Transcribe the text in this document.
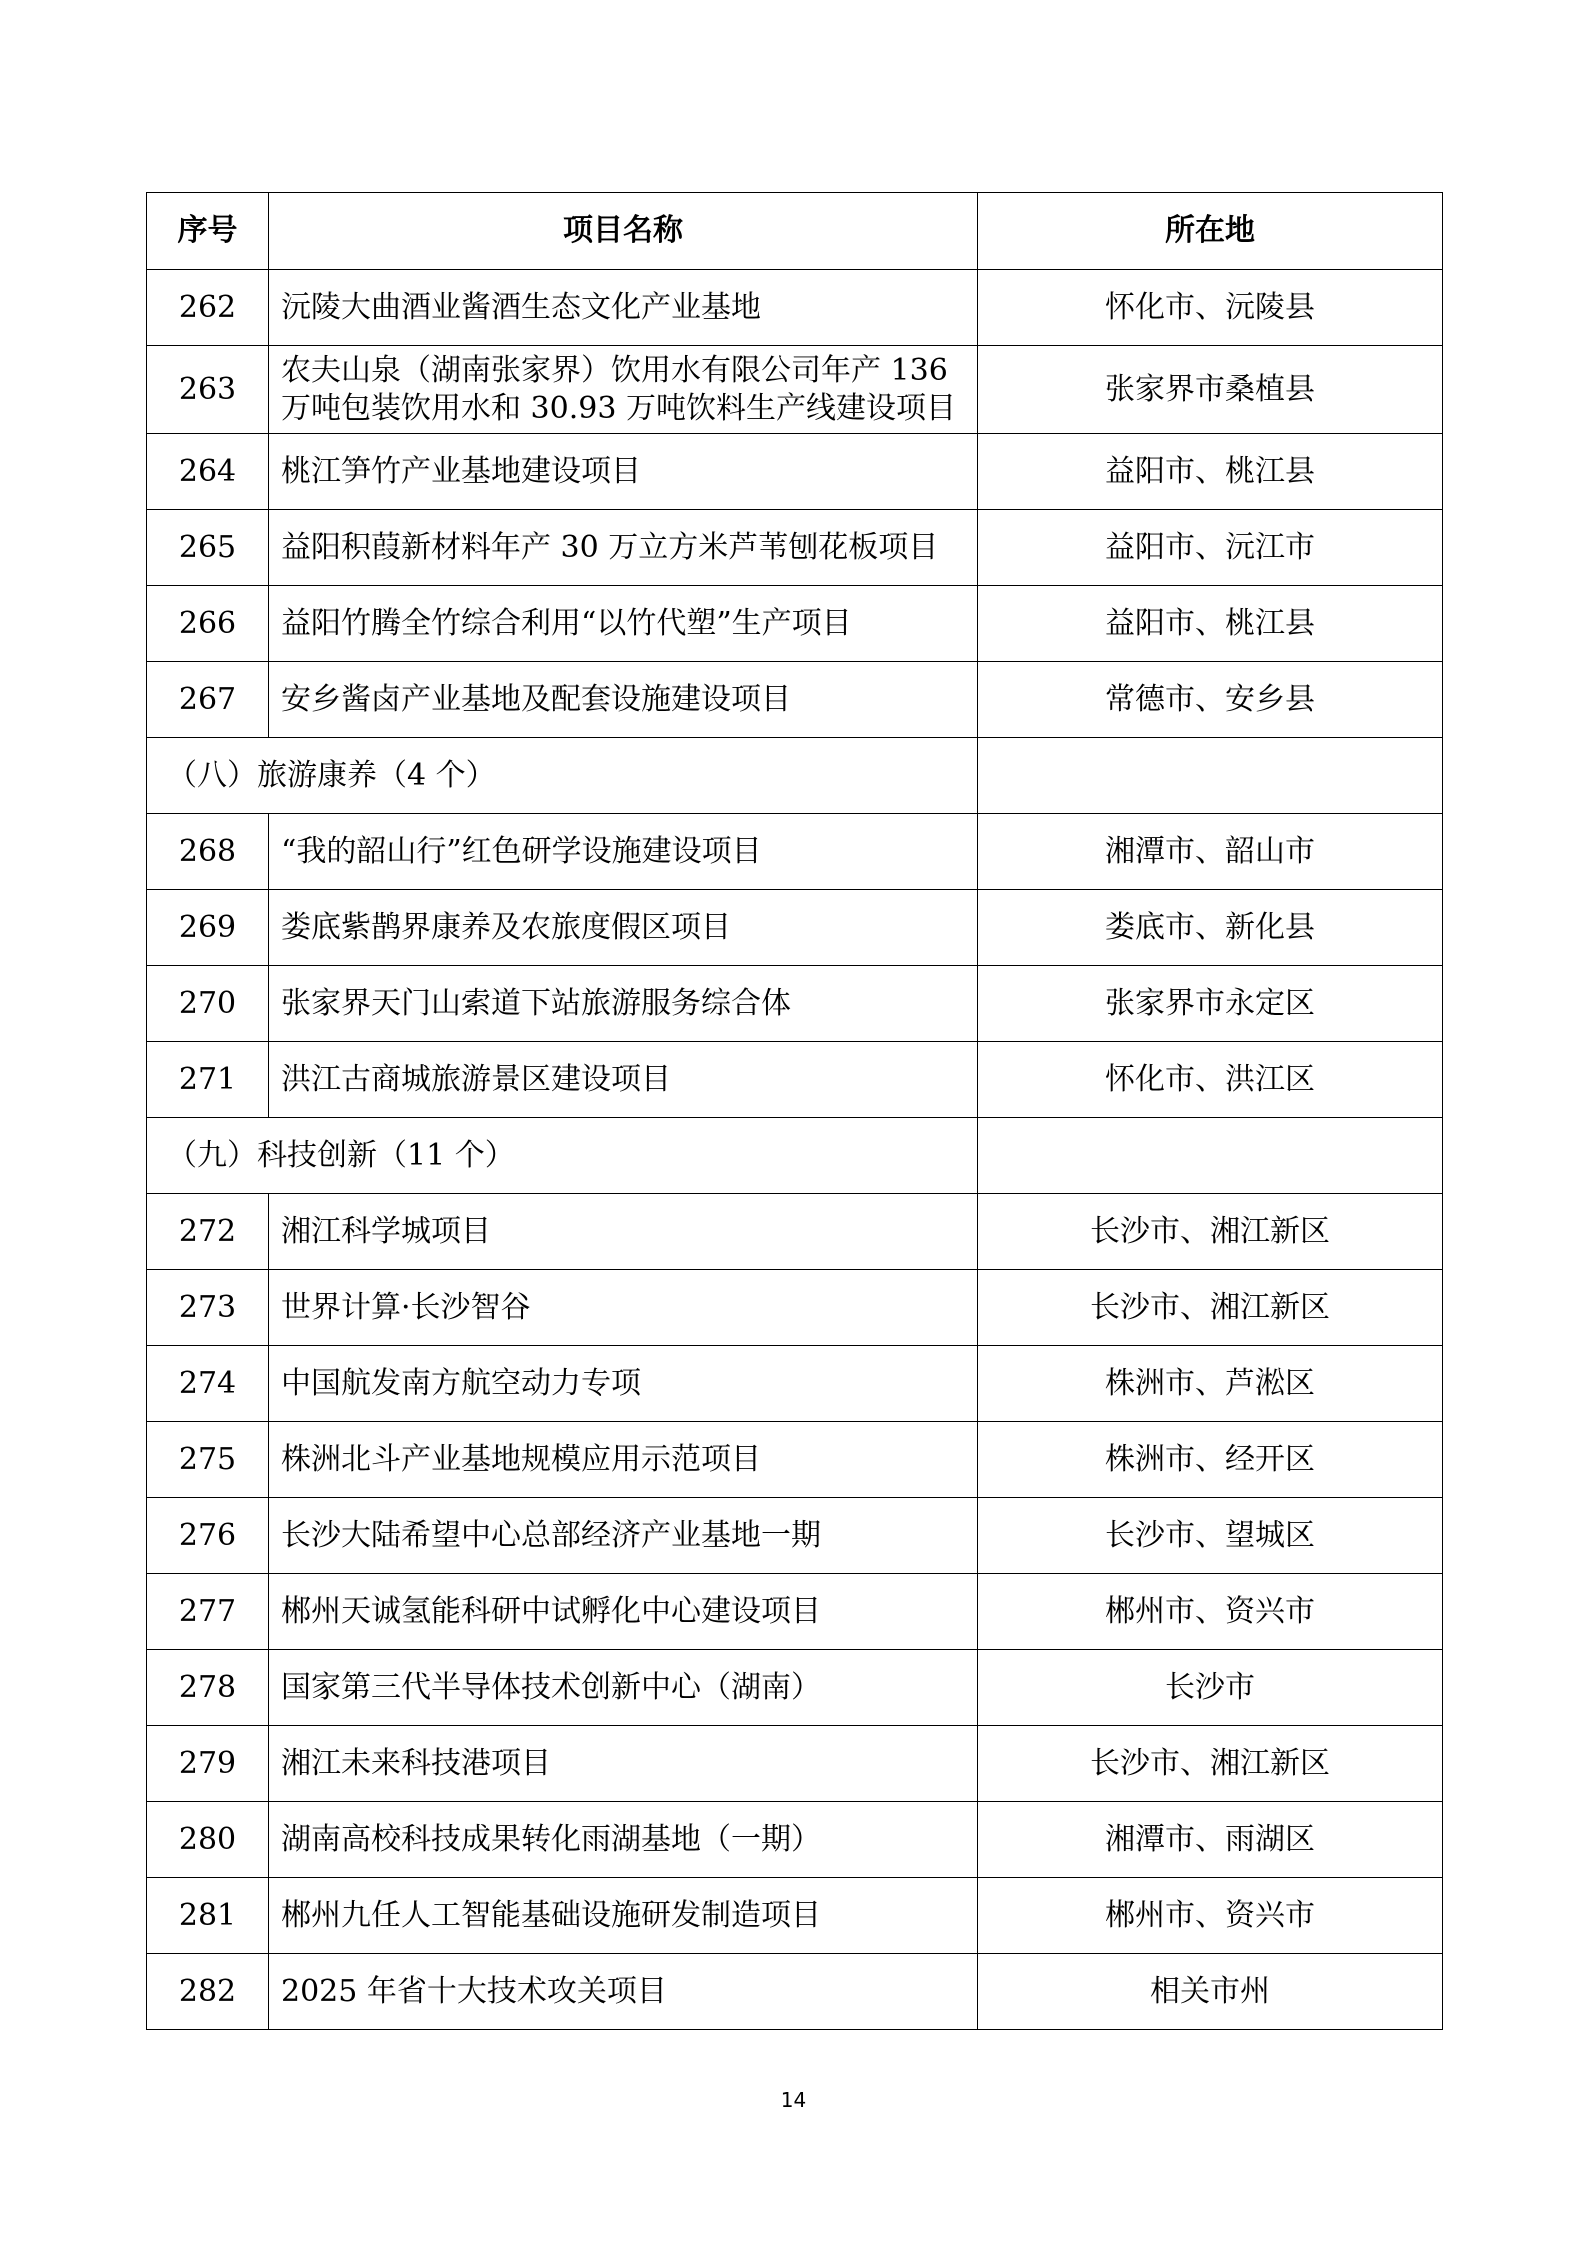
序号	项目名称	所在地
262	沅陵大曲酒业酱酒生态文化产业基地	怀化市、沅陵县
263	农夫山泉（湖南张家界）饮用水有限公司年产 136 万吨包装饮用水和 30.93 万吨饮料生产线建设项目	张家界市桑植县
264	桃江笋竹产业基地建设项目	益阳市、桃江县
265	益阳积葭新材料年产 30 万立方米芦苇刨花板项目	益阳市、沅江市
266	益阳竹腾全竹综合利用“以竹代塑”生产项目	益阳市、桃江县
267	安乡酱卤产业基地及配套设施建设项目	常德市、安乡县
（八）旅游康养（4 个）		
268	“我的韶山行”红色研学设施建设项目	湘潭市、韶山市
269	娄底紫鹊界康养及农旅度假区项目	娄底市、新化县
270	张家界天门山索道下站旅游服务综合体	张家界市永定区
271	洪江古商城旅游景区建设项目	怀化市、洪江区
（九）科技创新（11 个）		
272	湘江科学城项目	长沙市、湘江新区
273	世界计算·长沙智谷	长沙市、湘江新区
274	中国航发南方航空动力专项	株洲市、芦淞区
275	株洲北斗产业基地规模应用示范项目	株洲市、经开区
276	长沙大陆希望中心总部经济产业基地一期	长沙市、望城区
277	郴州天诚氢能科研中试孵化中心建设项目	郴州市、资兴市
278	国家第三代半导体技术创新中心（湖南）	长沙市
279	湘江未来科技港项目	长沙市、湘江新区
280	湖南高校科技成果转化雨湖基地（一期）	湘潭市、雨湖区
281	郴州九任人工智能基础设施研发制造项目	郴州市、资兴市
282	2025 年省十大技术攻关项目	相关市州
14
